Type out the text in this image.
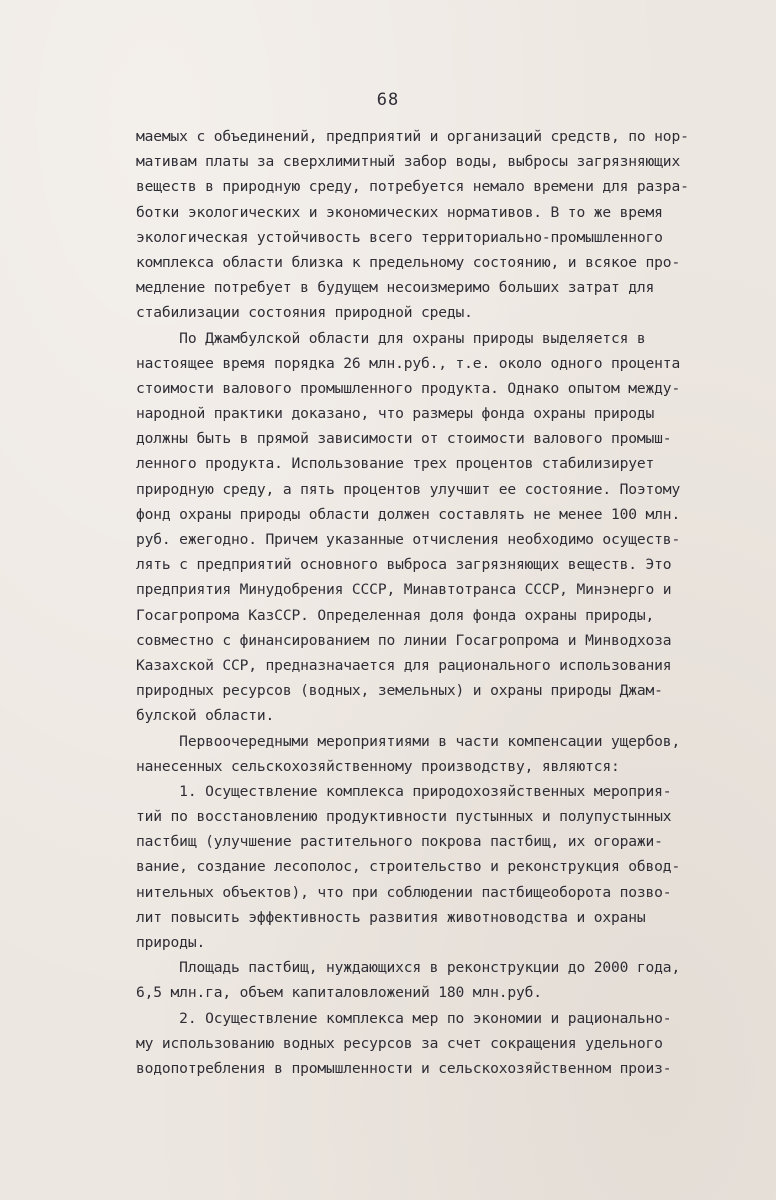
68
маемых с объединений, предприятий и организаций средств, по нор-
мативам платы за сверхлимитный забор воды, выбросы загрязняющих
веществ в природную среду, потребуется немало времени для разра-
ботки экологических и экономических нормативов. В то же время
экологическая устойчивость всего территориально-промышленного
комплекса области близка к предельному состоянию, и всякое про-
медление потребует в будущем несоизмеримо больших затрат для
стабилизации состояния природной среды.
По Джамбулской области для охраны природы выделяется в
настоящее время порядка 26 млн.руб., т.е. около одного процента
стоимости валового промышленного продукта. Однако опытом между-
народной практики доказано, что размеры фонда охраны природы
должны быть в прямой зависимости от стоимости валового промыш-
ленного продукта. Использование трех процентов стабилизирует
природную среду, а пять процентов улучшит ее состояние. Поэтому
фонд охраны природы области должен составлять не менее 100 млн.
руб. ежегодно. Причем указанные отчисления необходимо осуществ-
лять с предприятий основного выброса загрязняющих веществ. Это
предприятия Минудобрения СССР, Минавтотранса СССР, Минэнерго и
Госагропрома КазССР. Определенная доля фонда охраны природы,
совместно с финансированием по линии Госагропрома и Минводхоза
Казахской ССР, предназначается для рационального использования
природных ресурсов (водных, земельных) и охраны природы Джам-
булской области.
Первоочередными мероприятиями в части компенсации ущербов,
нанесенных сельскохозяйственному производству, являются:
1. Осуществление комплекса природохозяйственных мероприя-
тий по восстановлению продуктивности пустынных и полупустынных
пастбищ (улучшение растительного покрова пастбищ, их огоражи-
вание, создание лесополос, строительство и реконструкция обвод-
нительных объектов), что при соблюдении пастбищеоборота позво-
лит повысить эффективность развития животноводства и охраны
природы.
Площадь пастбищ, нуждающихся в реконструкции до 2000 года,
6,5 млн.га, объем капиталовложений 180 млн.руб.
2. Осуществление комплекса мер по экономии и рационально-
му использованию водных ресурсов за счет сокращения удельного
водопотребления в промышленности и сельскохозяйственном произ-
